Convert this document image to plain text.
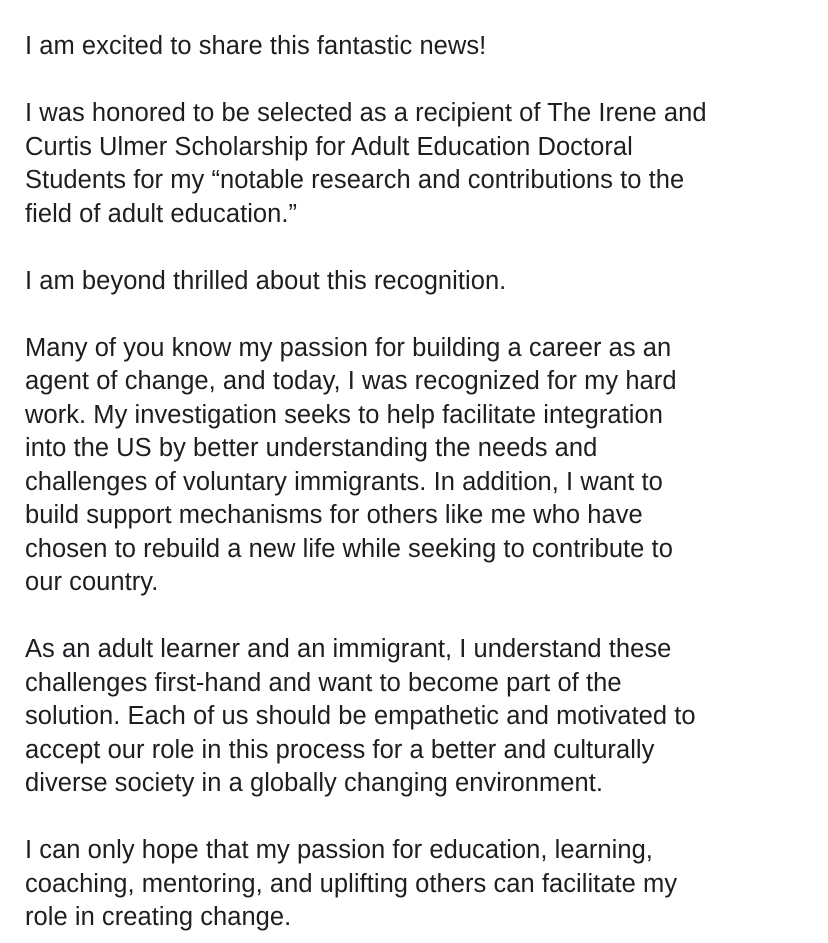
I am excited to share this fantastic news!

I was honored to be selected as a recipient of The Irene and
Curtis Ulmer Scholarship for Adult Education Doctoral
Students for my “notable research and contributions to the
field of adult education.”

I am beyond thrilled about this recognition.

Many of you know my passion for building a career as an
agent of change, and today, I was recognized for my hard
work. My investigation seeks to help facilitate integration
into the US by better understanding the needs and
challenges of voluntary immigrants. In addition, I want to
build support mechanisms for others like me who have
chosen to rebuild a new life while seeking to contribute to
our country.

As an adult learner and an immigrant, I understand these
challenges first-hand and want to become part of the
solution. Each of us should be empathetic and motivated to
accept our role in this process for a better and culturally
diverse society in a globally changing environment.

I can only hope that my passion for education, learning,
coaching, mentoring, and uplifting others can facilitate my
role in creating change.
